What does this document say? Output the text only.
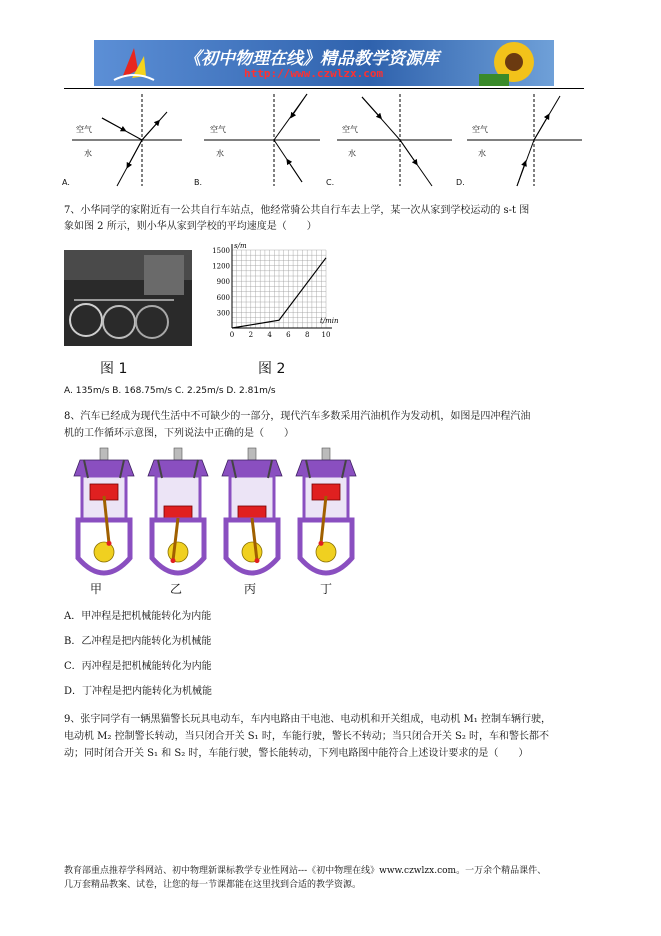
《初中物理在线》精品教学资源库
http://www.czwlzx.com
空气
水
空气
水
空气
水
空气
水
A.	B.	C.	D.
7、小华同学的家附近有一公共自行车站点，他经常骑公共自行车去上学，某一次从家到学校运动的 s-t 图
象如图 2 所示，则小华从家到学校的平均速度是（　　）
图 1
1500
1200
900
600
300
0 2 4 6 8 10
s/m
t/min
图 2
A. 135m/s B. 168.75m/s C. 2.25m/s D. 2.81m/s
8、汽车已经成为现代生活中不可缺少的一部分，现代汽车多数采用汽油机作为发动机，如图是四冲程汽油
机的工作循环示意图，下列说法中正确的是（　　）
甲	乙	丙	丁
A．甲冲程是把机械能转化为内能
B．乙冲程是把内能转化为机械能
C．丙冲程是把机械能转化为内能
D．丁冲程是把内能转化为机械能
9、张宇同学有一辆黑猫警长玩具电动车，车内电路由干电池、电动机和开关组成，电动机 M₁ 控制车辆行驶，
电动机 M₂ 控制警长转动，当只闭合开关 S₁ 时，车能行驶，警长不转动；当只闭合开关 S₂ 时，车和警长都不
动；同时闭合开关 S₁ 和 S₂ 时，车能行驶，警长能转动，下列电路图中能符合上述设计要求的是（　　）
教育部重点推荐学科网站、初中物理新课标教学专业性网站---《初中物理在线》www.czwlzx.com。一万余个精品课件、
几万套精品教案、试卷，让您的每一节课都能在这里找到合适的教学资源。
